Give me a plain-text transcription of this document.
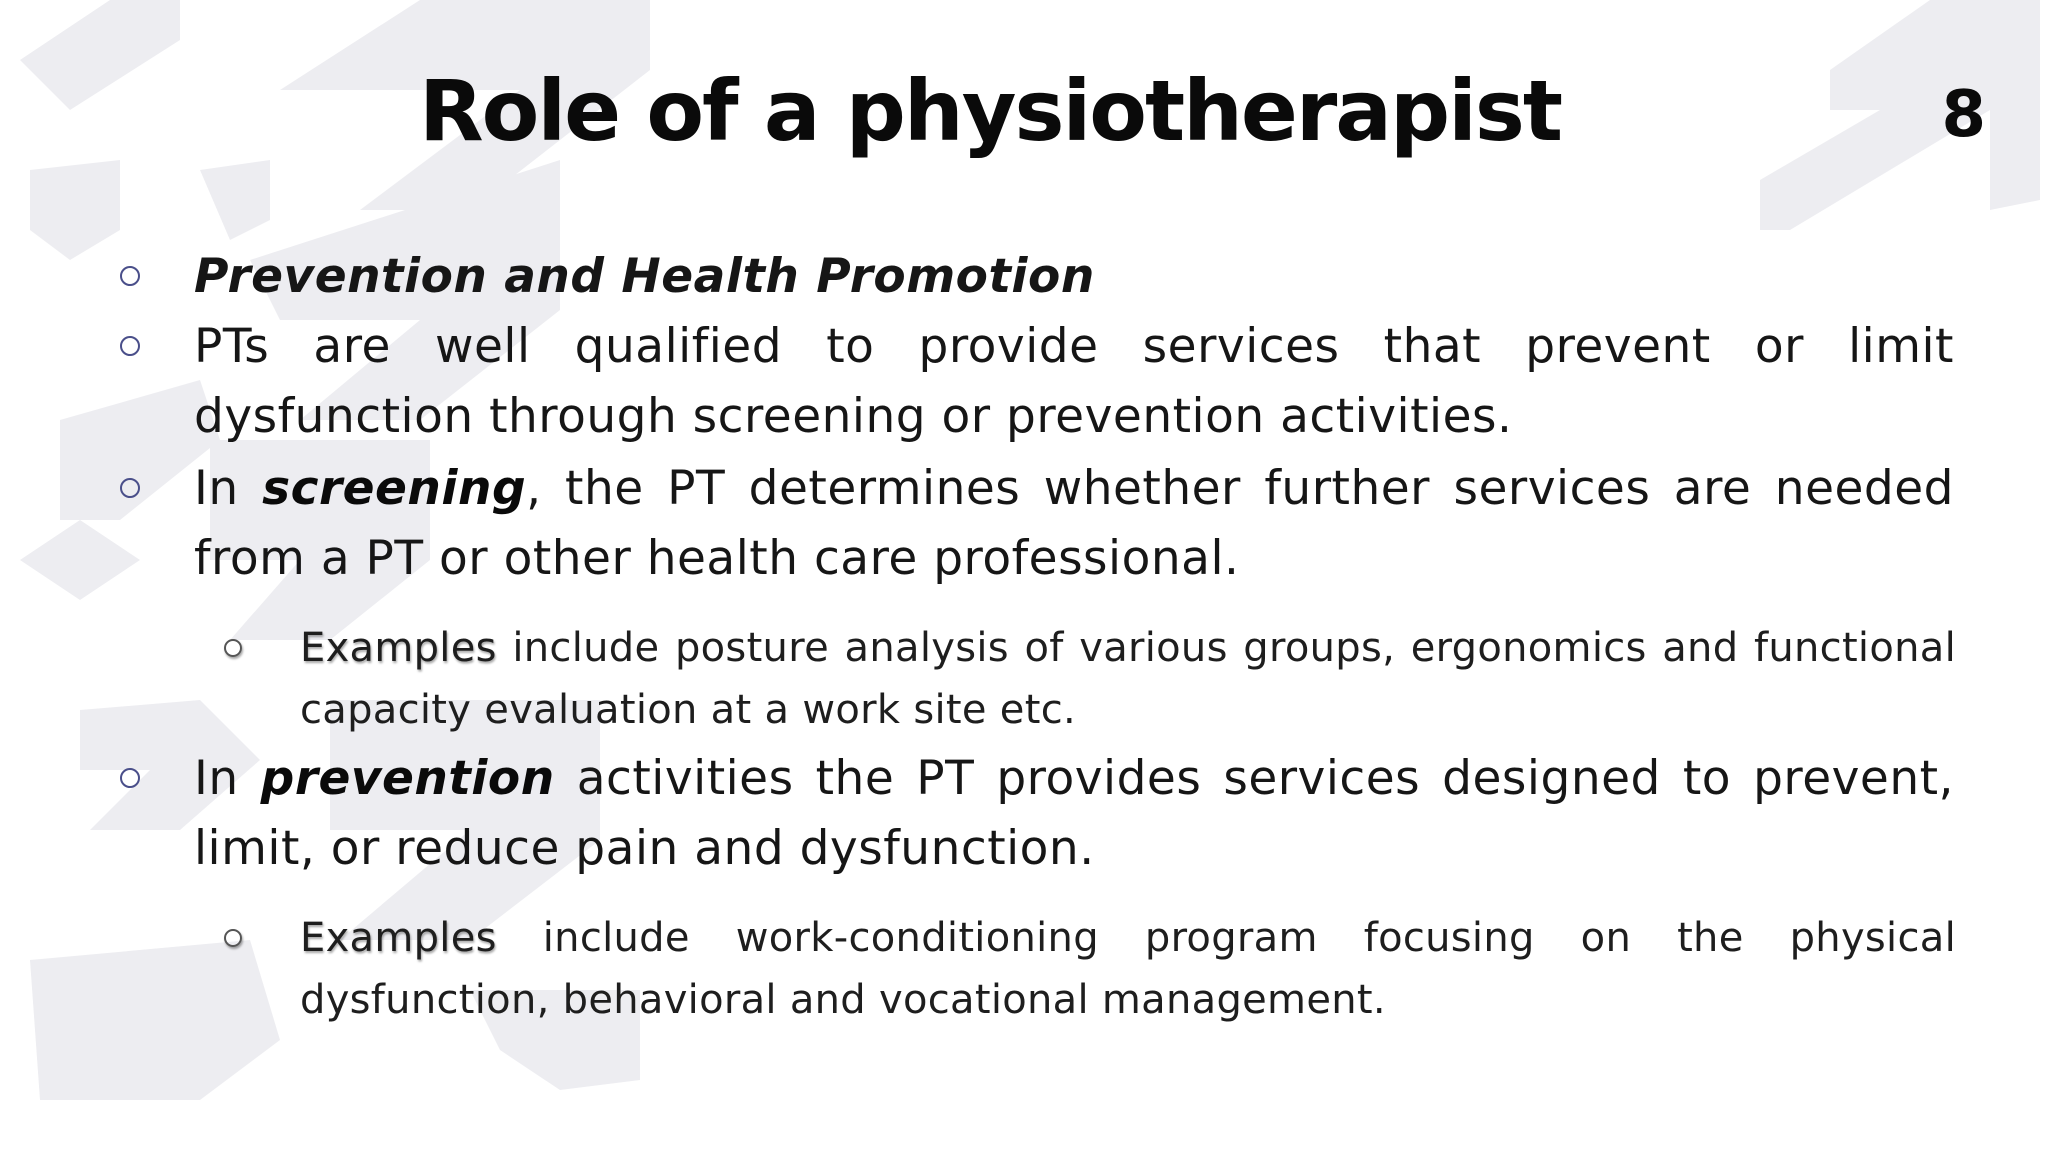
Role of a physiotherapist	8
Prevention and Health Promotion
PTs are well qualified to provide services that prevent or limit dysfunction through screening or prevention activities.
In screening, the PT determines whether further services are needed from a PT or other health care professional.
Examples include posture analysis of various groups, ergonomics and functional capacity evaluation at a work site etc.
In prevention activities the PT provides services designed to prevent, limit, or reduce pain and dysfunction.
Examples include work-conditioning program focusing on the physical dysfunction, behavioral and vocational management.
